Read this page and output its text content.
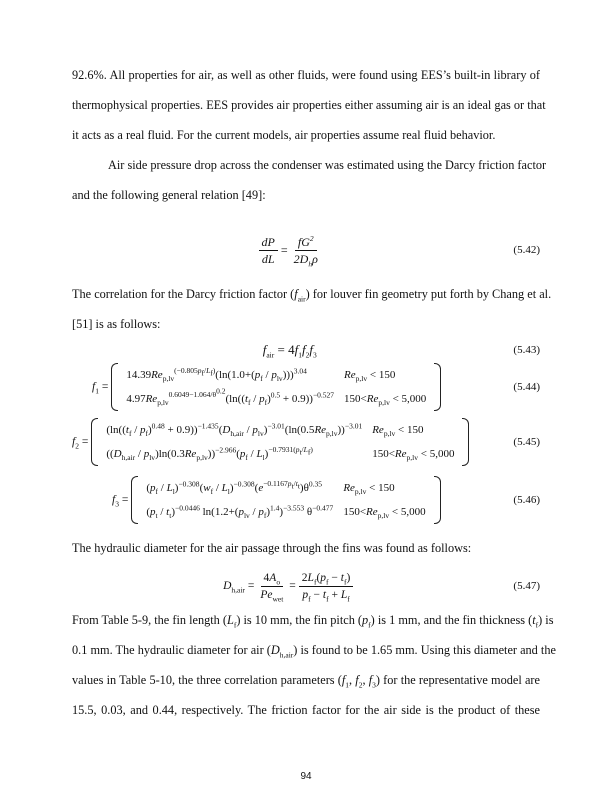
92.6%. All properties for air, as well as other fluids, were found using EES’s built-in library of
thermophysical properties. EES provides air properties either assuming air is an ideal gas or that
it acts as a real fluid. For the current models, air properties assume real fluid behavior.
Air side pressure drop across the condenser was estimated using the Darcy friction factor
and the following general relation [49]:
$\frac{dP}{dL} = \frac{fG^2}{2D_h\rho}$	(5.42)
The correlation for the Darcy friction factor $(f_{air})$ for louver fin geometry put forth by Chang et al.
[51] is as follows:
$f_{air} = 4f_1f_2f_3$	(5.43)
$f_1$ =
$14.39Re_{p,lv}^{(-0.805p_f/L_f)}(\ln(1.0+(p_f / p_{lv})))^{3.04}$	$Re_{p,lv} < 150$
$4.97Re_{p,lv}^{0.6049-1.064/\theta^{0.2}}(\ln((t_f / p_f)^{0.5} + 0.9))^{-0.527}$ $150<Re_{p,lv} < 5,000$
(5.44)
$f_2$ =
$(\ln((t_f / p_f)^{0.48} + 0.9))^{-1.435}(D_{h,air} / p_{lv})^{-3.01}(\ln(0.5Re_{p,lv}))^{-3.01}$ $Re_{p,lv} < 150$
$((D_{h,air} / p_{lv})\ln(0.3Re_{p,lv}))^{-2.966}(p_f / L_l)^{-0.7931(p_t/L_f)}$	$150<Re_{p,lv} < 5,000$
(5.45)
$f_3$ =
$(p_f / L_l)^{-0.308}(w_f / L_l)^{-0.308}(e^{-0.1167p_t/t_t})\theta^{0.35}$	$Re_{p,lv} < 150$
$(p_t / t_t)^{-0.0446}$ $\ln(1.2+(p_{lv} / p_f)^{1.4})^{-3.553}$ $\theta^{-0.477}$ $150<Re_{p,lv} < 5,000$
(5.46)
The hydraulic diameter for the air passage through the fins was found as follows:
$D_{h,air} = \frac{4A_o}{Pe_{wet}} = \frac{2L_f(p_f - t_f)}{p_f - t_f + L_f}$	(5.47)
From Table 5-9, the fin length $(L_f)$ is 10 mm, the fin pitch $(p_f)$ is 1 mm, and the fin thickness $(t_f)$ is
0.1 mm. The hydraulic diameter for air $(D_{h,air})$ is found to be 1.65 mm. Using this diameter and the
values in Table 5-10, the three correlation parameters ($f_1$, $f_2$, $f_3$) for the representative model are
15.5, 0.03, and 0.44, respectively. The friction factor for the air side is the product of these
94
